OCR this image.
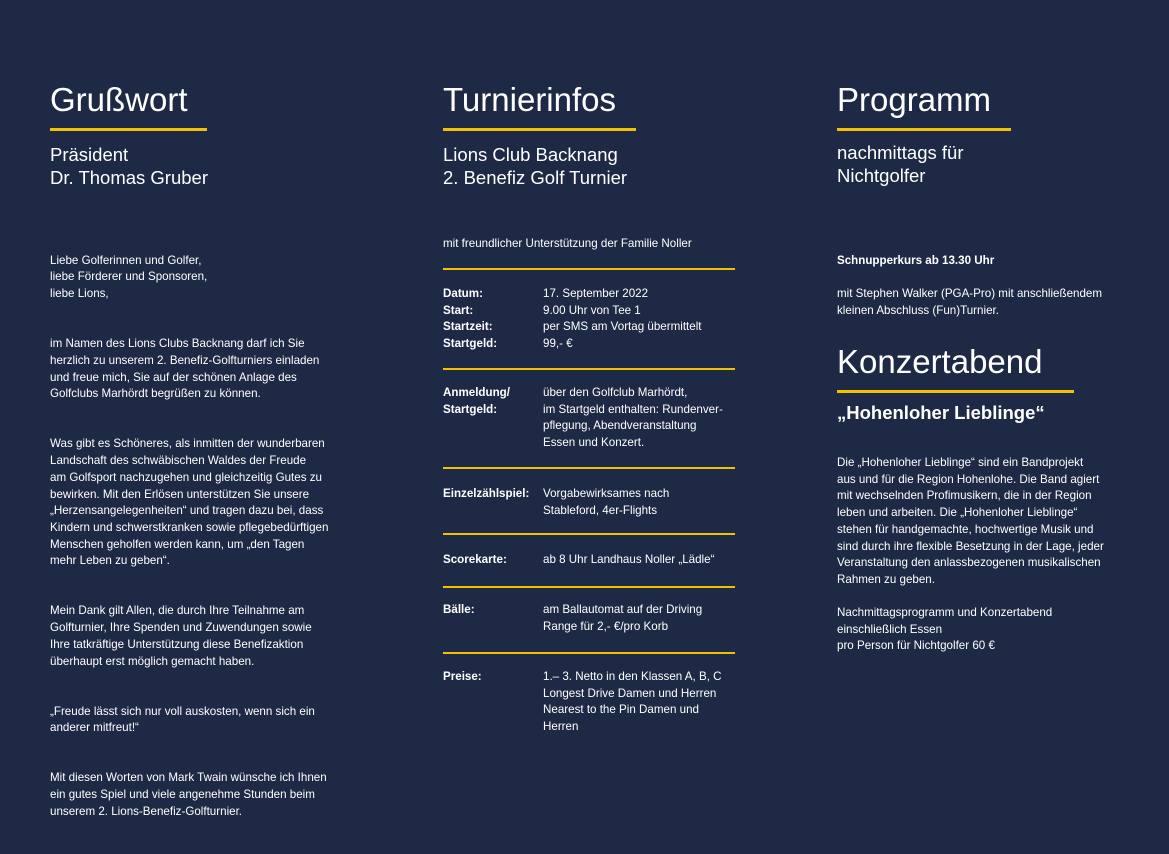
Grußwort
Präsident
Dr. Thomas Gruber

Liebe Golferinnen und Golfer,
liebe Förderer und Sponsoren,
liebe Lions,

im Namen des Lions Clubs Backnang darf ich Sie
herzlich zu unserem 2. Benefiz-Golfturniers einladen
und freue mich, Sie auf der schönen Anlage des
Golfclubs Marhördt begrüßen zu können.

Was gibt es Schöneres, als inmitten der wunderbaren
Landschaft des schwäbischen Waldes der Freude
am Golfsport nachzugehen und gleichzeitig Gutes zu
bewirken. Mit den Erlösen unterstützen Sie unsere
„Herzensangelegenheiten“ und tragen dazu bei, dass
Kindern und schwerstkranken sowie pflegebedürftigen
Menschen geholfen werden kann, um „den Tagen
mehr Leben zu geben“.

Mein Dank gilt Allen, die durch Ihre Teilnahme am
Golfturnier, Ihre Spenden und Zuwendungen sowie
Ihre tatkräftige Unterstützung diese Benefizaktion
überhaupt erst möglich gemacht haben.

„Freude lässt sich nur voll auskosten, wenn sich ein
anderer mitfreut!“

Mit diesen Worten von Mark Twain wünsche ich Ihnen
ein gutes Spiel und viele angenehme Stunden beim
unserem 2. Lions-Benefiz-Golfturnier.

Turnierinfos
Lions Club Backnang
2. Benefiz Golf Turnier
mit freundlicher Unterstützung der Familie Noller
Datum:	17. September 2022
Start:	9.00 Uhr von Tee 1
Startzeit:	per SMS am Vortag übermittelt
Startgeld:	99,- €
Anmeldung/
Startgeld:
über den Golfclub Marhördt,
im Startgeld enthalten: Rundenver-
pflegung, Abendveranstaltung
Essen und Konzert.
Einzelzählspiel:	Vorgabewirksames nach
Stableford, 4er-Flights
Scorekarte:	ab 8 Uhr Landhaus Noller „Lädle“
Bälle:	am Ballautomat auf der Driving
Range für 2,- €/pro Korb
Preise:	1.– 3. Netto in den Klassen A, B, C
Longest Drive Damen und Herren
Nearest to the Pin Damen und
Herren
Programm
nachmittags für
Nichtgolfer

Schnupperkurs ab 13.30 Uhr

mit Stephen Walker (PGA-Pro) mit anschließendem
kleinen Abschluss (Fun)Turnier.

Konzertabend
„Hohenloher Lieblinge“
Die „Hohenloher Lieblinge“ sind ein Bandprojekt
aus und für die Region Hohenlohe. Die Band agiert
mit wechselnden Profimusikern, die in der Region
leben und arbeiten. Die „Hohenloher Lieblinge“
stehen für handgemachte, hochwertige Musik und
sind durch ihre flexible Besetzung in der Lage, jeder
Veranstaltung den anlassbezogenen musikalischen
Rahmen zu geben.
Nachmittagsprogramm und Konzertabend
einschließlich Essen
pro Person für Nichtgolfer 60 €
